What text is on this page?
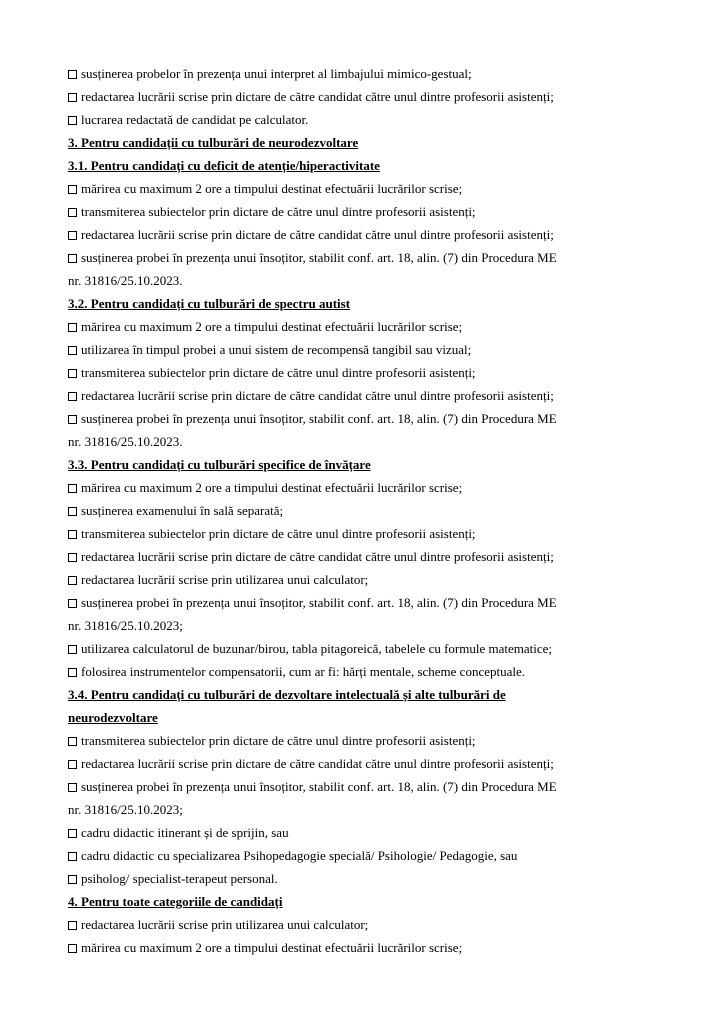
susținerea probelor în prezența unui interpret al limbajului mimico-gestual;
redactarea lucrării scrise prin dictare de către candidat către unul dintre profesorii asistenți;
lucrarea redactată de candidat pe calculator.
3. Pentru candidații cu tulburări de neurodezvoltare
3.1. Pentru candidați cu deficit de atenție/hiperactivitate
mărirea cu maximum 2 ore a timpului destinat efectuării lucrărilor scrise;
transmiterea subiectelor prin dictare de către unul dintre profesorii asistenți;
redactarea lucrării scrise prin dictare de către candidat către unul dintre profesorii asistenți;
susținerea probei în prezența unui însoțitor, stabilit conf. art. 18, alin. (7) din Procedura ME
nr. 31816/25.10.2023.
3.2. Pentru candidați cu tulburări de spectru autist
mărirea cu maximum 2 ore a timpului destinat efectuării lucrărilor scrise;
utilizarea în timpul probei a unui sistem de recompensă tangibil sau vizual;
transmiterea subiectelor prin dictare de către unul dintre profesorii asistenți;
redactarea lucrării scrise prin dictare de către candidat către unul dintre profesorii asistenți;
susținerea probei în prezența unui însoțitor, stabilit conf. art. 18, alin. (7) din Procedura ME
nr. 31816/25.10.2023.
3.3. Pentru candidați cu tulburări specifice de învățare
mărirea cu maximum 2 ore a timpului destinat efectuării lucrărilor scrise;
susținerea examenului în sală separată;
transmiterea subiectelor prin dictare de către unul dintre profesorii asistenți;
redactarea lucrării scrise prin dictare de către candidat către unul dintre profesorii asistenți;
redactarea lucrării scrise prin utilizarea unui calculator;
susținerea probei în prezența unui însoțitor, stabilit conf. art. 18, alin. (7) din Procedura ME
nr. 31816/25.10.2023;
utilizarea calculatorul de buzunar/birou, tabla pitagoreică, tabelele cu formule matematice;
folosirea instrumentelor compensatorii, cum ar fi: hărți mentale, scheme conceptuale.
3.4. Pentru candidați cu tulburări de dezvoltare intelectuală și alte tulburări de
neurodezvoltare
transmiterea subiectelor prin dictare de către unul dintre profesorii asistenți;
redactarea lucrării scrise prin dictare de către candidat către unul dintre profesorii asistenți;
susținerea probei în prezența unui însoțitor, stabilit conf. art. 18, alin. (7) din Procedura ME
nr. 31816/25.10.2023;
cadru didactic itinerant și de sprijin, sau
cadru didactic cu specializarea Psihopedagogie specială/ Psihologie/ Pedagogie, sau
psiholog/ specialist-terapeut personal.
4. Pentru toate categoriile de candidați
redactarea lucrării scrise prin utilizarea unui calculator;
mărirea cu maximum 2 ore a timpului destinat efectuării lucrărilor scrise;
